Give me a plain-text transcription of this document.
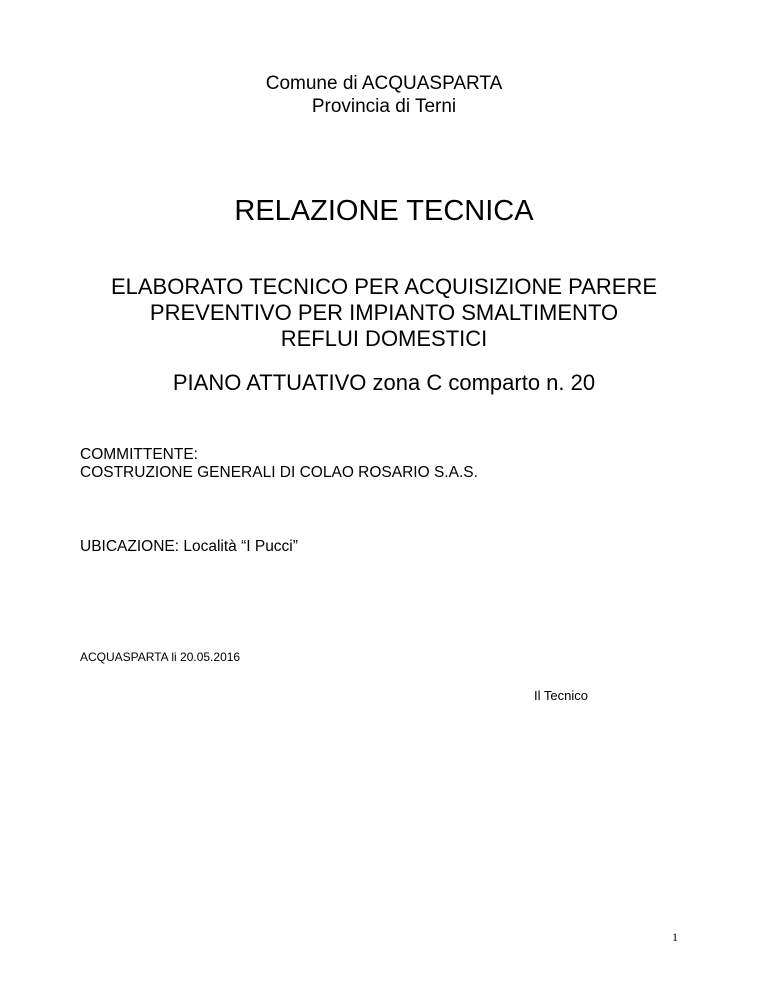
Comune di ACQUASPARTA
Provincia di Terni
RELAZIONE TECNICA
ELABORATO TECNICO PER ACQUISIZIONE PARERE
PREVENTIVO PER IMPIANTO SMALTIMENTO
REFLUI DOMESTICI
PIANO ATTUATIVO zona C comparto n. 20
COMMITTENTE:
COSTRUZIONE GENERALI DI COLAO ROSARIO S.A.S.
UBICAZIONE: Località “I Pucci”
ACQUASPARTA li 20.05.2016
Il Tecnico
1
